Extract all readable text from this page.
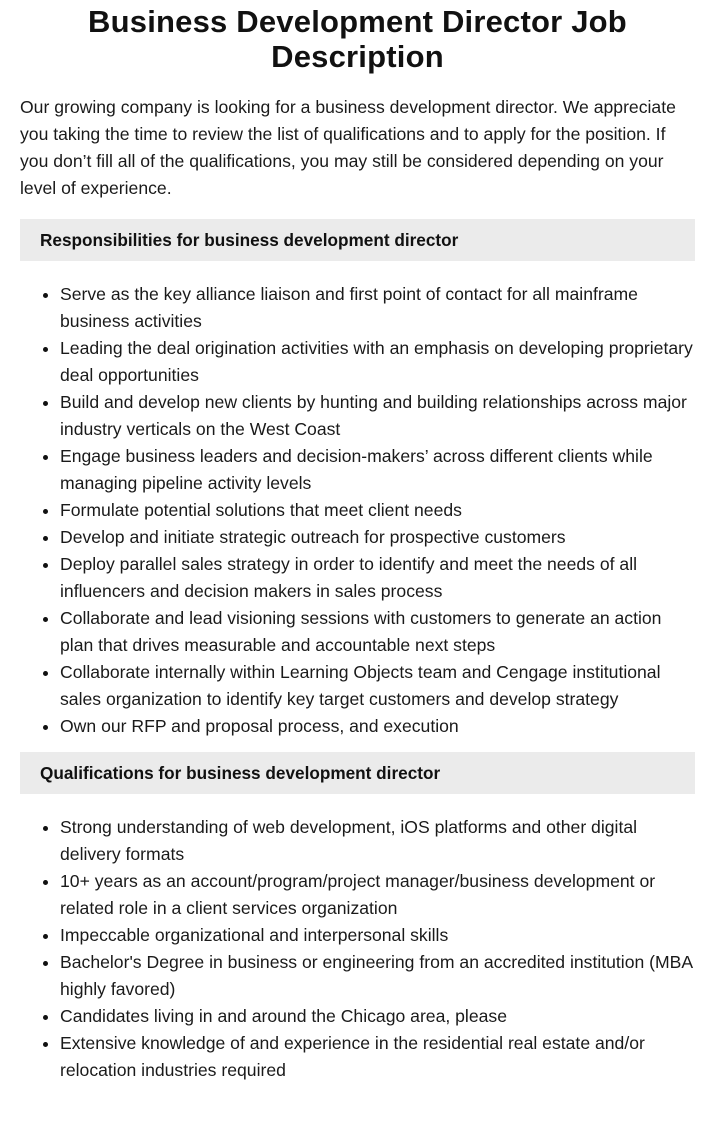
Business Development Director Job Description

Our growing company is looking for a business development director. We appreciate you taking the time to review the list of qualifications and to apply for the position. If you don’t fill all of the qualifications, you may still be considered depending on your level of experience.

Responsibilities for business development director
Serve as the key alliance liaison and first point of contact for all mainframe business activities
Leading the deal origination activities with an emphasis on developing proprietary deal opportunities
Build and develop new clients by hunting and building relationships across major industry verticals on the West Coast
Engage business leaders and decision-makers’ across different clients while managing pipeline activity levels
Formulate potential solutions that meet client needs
Develop and initiate strategic outreach for prospective customers
Deploy parallel sales strategy in order to identify and meet the needs of all influencers and decision makers in sales process
Collaborate and lead visioning sessions with customers to generate an action plan that drives measurable and accountable next steps
Collaborate internally within Learning Objects team and Cengage institutional sales organization to identify key target customers and develop strategy
Own our RFP and proposal process, and execution
Qualifications for business development director
Strong understanding of web development, iOS platforms and other digital delivery formats
10+ years as an account/program/project manager/business development or related role in a client services organization
Impeccable organizational and interpersonal skills
Bachelor's Degree in business or engineering from an accredited institution (MBA highly favored)
Candidates living in and around the Chicago area, please
Extensive knowledge of and experience in the residential real estate and/or relocation industries required
